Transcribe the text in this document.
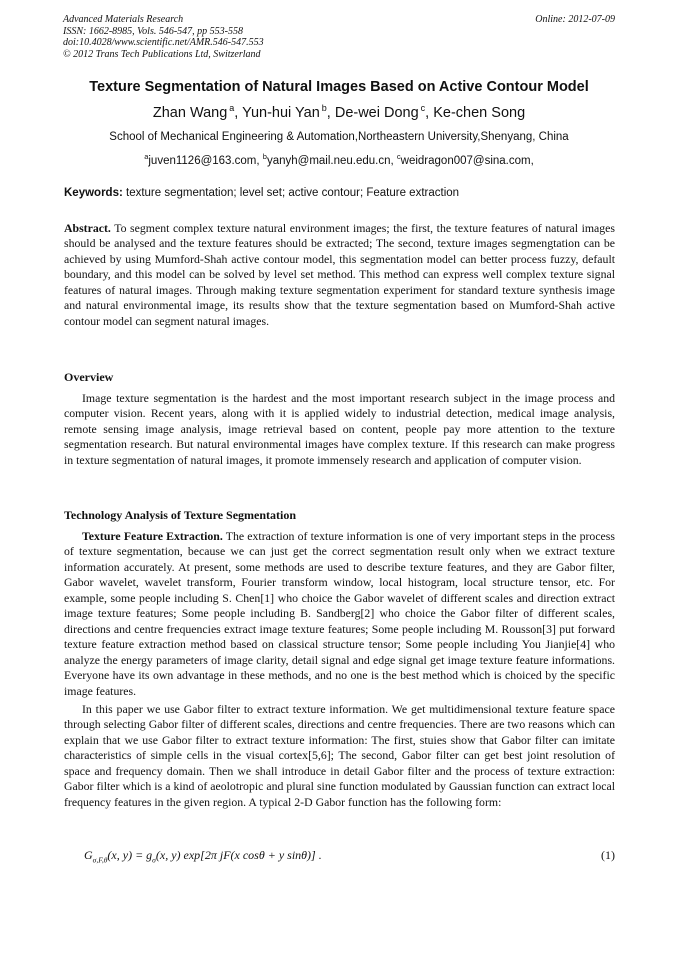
Advanced Materials Research
ISSN: 1662-8985, Vols. 546-547, pp 553-558
doi:10.4028/www.scientific.net/AMR.546-547.553
© 2012 Trans Tech Publications Ltd, Switzerland
Online: 2012-07-09
Texture Segmentation of Natural Images Based on Active Contour Model
Zhan Wang $^a$, Yun-hui Yan $^b$, De-wei Dong $^c$, Ke-chen Song
School of Mechanical Engineering & Automation,Northeastern University,Shenyang, China
$^a$juven1126@163.com, $^b$yanyh@mail.neu.edu.cn, $^c$weidragon007@sina.com,
Keywords: texture segmentation; level set; active contour; Feature extraction

Abstract. To segment complex texture natural environment images; the first, the texture features of natural images should be analysed and the texture features should be extracted; The second, texture images segmengtation can be achieved by using Mumford-Shah active contour model, this segmentation model can better process fuzzy, default boundary, and this model can be solved by level set method. This method can express well complex texture signal features of natural images. Through making texture segmentation experiment for standard texture synthesis image and natural environmental image, its results show that the texture segmentation based on Mumford-Shah active contour model can segment natural images.

Overview

Image texture segmentation is the hardest and the most important research subject in the image process and computer vision. Recent years, along with it is applied widely to industrial detection, medical image analysis, remote sensing image analysis, image retrieval based on content, people pay more attention to the texture segmentation research. But natural environmental images have complex texture. If this research can make progress in texture segmentation of natural images, it promote immensely research and application of computer vision.

Technology Analysis of Texture Segmentation

Texture Feature Extraction. The extraction of texture information is one of very important steps in the process of texture segmentation, because we can just get the correct segmentation result only when we extract texture information accurately. At present, some methods are used to describe texture features, and they are Gabor filter, Gabor wavelet, wavelet transform, Fourier transform window, local histogram, local structure tensor, etc. For example, some people including S. Chen[1] who choice the Gabor wavelet of different scales and direction extract image texture features; Some people including B. Sandberg[2] who choice the Gabor filter of different scales, directions and centre frequencies extract image texture features; Some people including M. Rousson[3] put forward texture feature extraction method based on classical structure tensor; Some people including You Jianjie[4] who analyze the energy parameters of image clarity, detail signal and edge signal get image texture feature informations. Everyone have its own advantage in these methods, and no one is the best method which is choiced by the specific image features.

In this paper we use Gabor filter to extract texture information. We get multidimensional texture feature space through selecting Gabor filter of different scales, directions and centre frequencies. There are two reasons which can explain that we use Gabor filter to extract texture information: The first, stuies show that Gabor filter can imitate characteristics of simple cells in the visual cortex[5,6]; The second, Gabor filter can get best joint resolution of space and frequency domain. Then we shall introduce in detail Gabor filter and the process of texture extraction: Gabor filter which is a kind of aeolotropic and plural sine function modulated by Gaussian function can extract local frequency features in the given region. A typical 2-D Gabor function has the following form:

$G_{\sigma,F,\theta}(x$, $y) = g_\sigma(x$, y) exp[2π jF(x cosθ + y sinθ)] .	(1)
